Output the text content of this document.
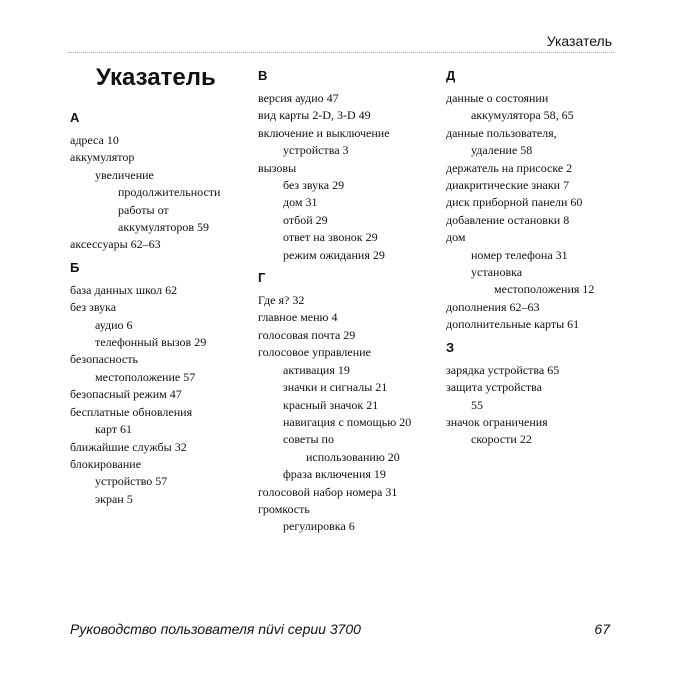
Указатель
Указатель
А
адреса 10
аккумулятор
увеличение
продолжительности
работы от
аккумуляторов 59
аксессуары 62–63
Б
база данных школ 62
без звука
аудио 6
телефонный вызов 29
безопасность
местоположение 57
безопасный режим 47
бесплатные обновления
карт 61
ближайшие службы 32
блокирование
устройство 57
экран 5
В
версия аудио 47
вид карты 2-D, 3-D 49
включение и выключение
устройства 3
вызовы
без звука 29
дом 31
отбой 29
ответ на звонок 29
режим ожидания 29
Г
Где я? 32
главное меню 4
голосовая почта 29
голосовое управление
активация 19
значки и сигналы 21
красный значок 21
навигация с помощью 20
советы по
использованию 20
фраза включения 19
голосовой набор номера 31
громкость
регулировка 6
Д
данные о состоянии
аккумулятора 58, 65
данные пользователя,
удаление 58
держатель на присоске 2
диакритические знаки 7
диск приборной панели 60
добавление остановки 8
дом
номер телефона 31
установка
местоположения 12
дополнения 62–63
дополнительные карты 61
З
зарядка устройства 65
защита устройства
55
значок ограничения
скорости 22
Руководство пользователя nüvi серии 3700	67
